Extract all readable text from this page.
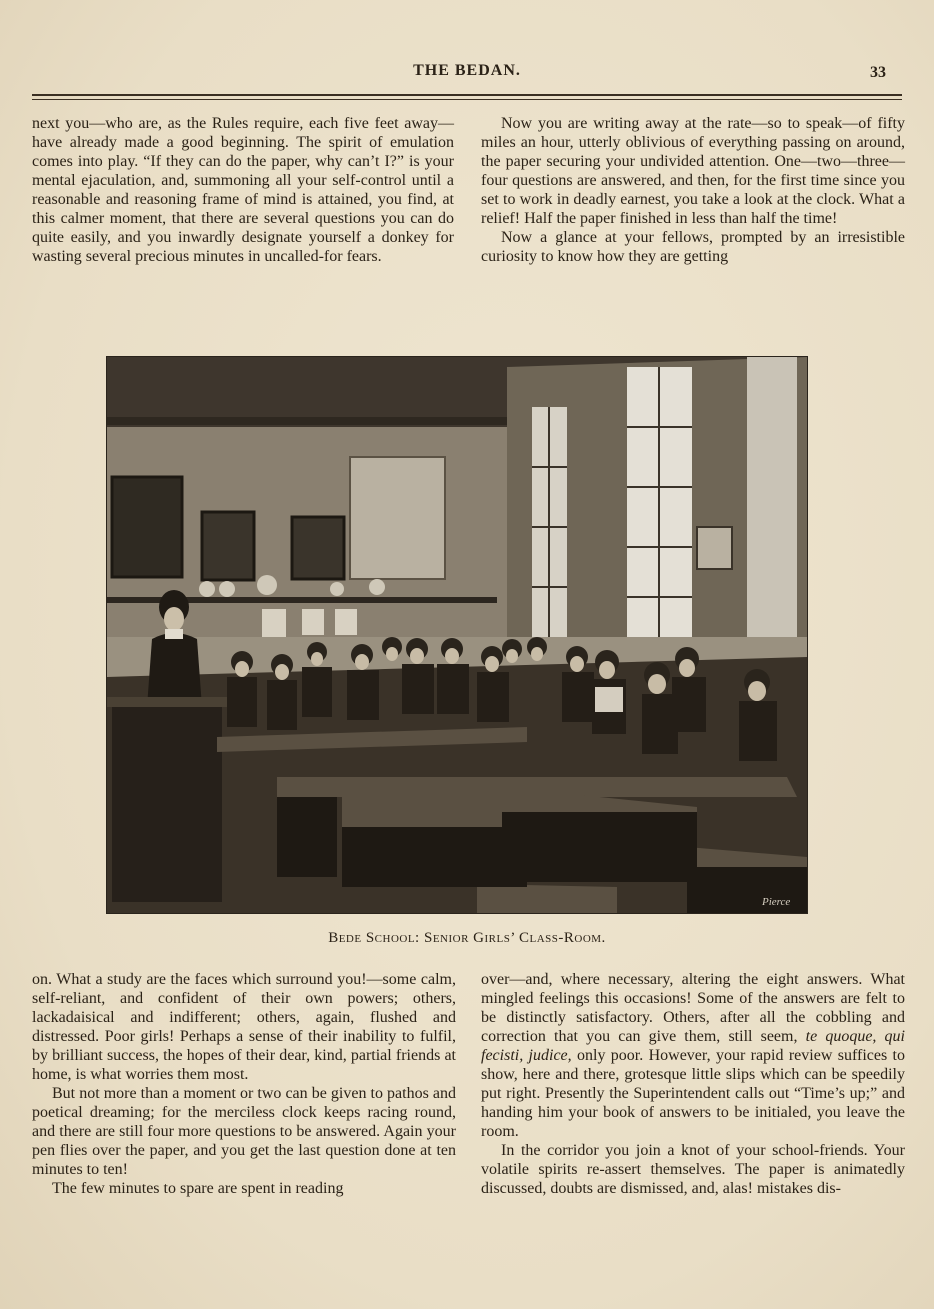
THE BEDAN.	33

next you—who are, as the Rules require, each five feet away—have already made a good beginning. The spirit of emulation comes into play. “If they can do the paper, why can’t I?” is your mental ejaculation, and, summoning all your self-control until a reasonable and reasoning frame of mind is attained, you find, at this calmer moment, that there are several questions you can do quite easily, and you inwardly designate yourself a donkey for wasting several precious minutes in uncalled-for fears.

Now you are writing away at the rate—so to speak—of fifty miles an hour, utterly oblivious of everything passing on around, the paper securing your undivided attention. One—two—three—four questions are answered, and then, for the first time since you set to work in deadly earnest, you take a look at the clock. What a relief! Half the paper finished in less than half the time!

Now a glance at your fellows, prompted by an irresistible curiosity to know how they are getting

Pierce
Bede School: Senior Girls’ Class-Room.

on. What a study are the faces which surround you!—some calm, self-reliant, and confident of their own powers; others, lackadaisical and indifferent; others, again, flushed and distressed. Poor girls! Perhaps a sense of their inability to fulfil, by brilliant success, the hopes of their dear, kind, partial friends at home, is what worries them most.

But not more than a moment or two can be given to pathos and poetical dreaming; for the merciless clock keeps racing round, and there are still four more questions to be answered. Again your pen flies over the paper, and you get the last question done at ten minutes to ten!

The few minutes to spare are spent in reading

over—and, where necessary, altering the eight answers. What mingled feelings this occasions! Some of the answers are felt to be distinctly satisfactory. Others, after all the cobbling and correction that you can give them, still seem, te quoque, qui fecisti, judice, only poor. However, your rapid review suffices to show, here and there, grotesque little slips which can be speedily put right. Presently the Superintendent calls out “Time’s up;” and handing him your book of answers to be initialed, you leave the room.

In the corridor you join a knot of your school-friends. Your volatile spirits re-assert themselves. The paper is animatedly discussed, doubts are dismissed, and, alas! mistakes dis-
